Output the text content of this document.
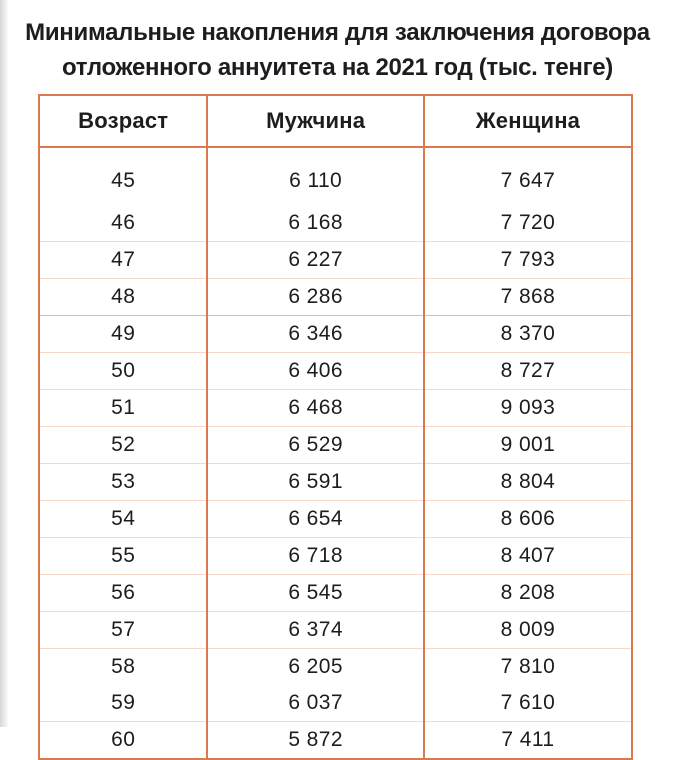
Минимальные накопления для заключения договора
отложенного аннуитета на 2021 год (тыс. тенге)
Возраст	Мужчина	Женщина
45	6 110	7 647
46	6 168	7 720
47	6 227	7 793
48	6 286	7 868
49	6 346	8 370
50	6 406	8 727
51	6 468	9 093
52	6 529	9 001
53	6 591	8 804
54	6 654	8 606
55	6 718	8 407
56	6 545	8 208
57	6 374	8 009
58	6 205	7 810
59	6 037	7 610
60	5 872	7 411
